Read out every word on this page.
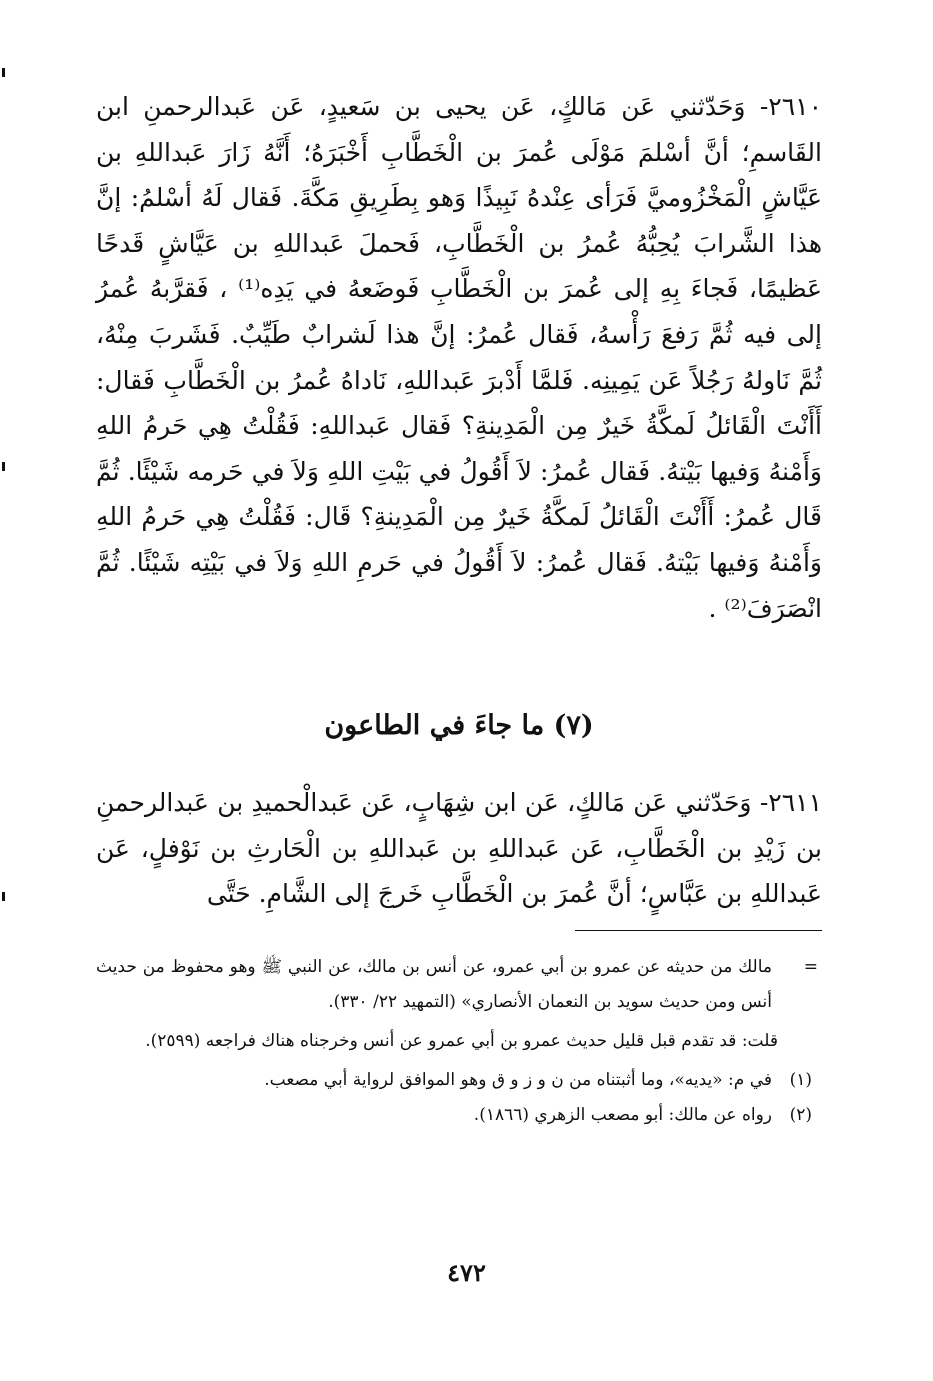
٢٦١٠- وَحَدّثني عَن مَالكٍ، عَن يحيى بن سَعيدٍ، عَن عَبدالرحمنِ ابن القَاسمِ؛ أنَّ أسْلمَ مَوْلَى عُمرَ بن الْخَطَّابِ أَخْبَرَهُ؛ أَنَّهُ زَارَ عَبداللهِ بن عَيَّاشٍ الْمَخْزُوميَّ فَرَأى عِنْدهُ نَبِيذًا وَهو بِطَرِيقِ مَكَّةَ. فَقال لَهُ أسْلمُ: إنَّ هذا الشَّرابَ يُحِبُّهُ عُمرُ بن الْخَطَّابِ، فَحملَ عَبداللهِ بن عَيَّاشٍ قَدحًا عَظيمًا، فَجاءَ بِهِ إلى عُمرَ بن الْخَطَّابِ فَوضَعهُ في يَدِه⁽¹⁾ ، فَقرَّبهُ عُمرُ إلى فيه ثُمَّ رَفعَ رَأْسهُ، فَقال عُمرُ: إنَّ هذا لَشرابٌ طَيِّبٌ. فَشَربَ مِنْهُ، ثُمَّ نَاولهُ رَجُلاً عَن يَمِينِه. فَلمَّا أَدْبرَ عَبداللهِ، نَاداهُ عُمرُ بن الْخَطَّابِ فَقال: أَأَنْتَ الْقَائلُ لَمكَّةُ خَيرٌ مِن الْمَدِينةِ؟ فَقال عَبداللهِ: فَقُلْتُ هِي حَرمُ اللهِ وَأَمْنهُ وَفيها بَيْتهُ. فَقال عُمرُ: لاَ أَقُولُ في بَيْتِ اللهِ وَلاَ في حَرمه شَيْئًا. ثُمَّ قَال عُمرُ: أَأَنْتَ الْقَائلُ لَمكَّةُ خَيرٌ مِن الْمَدِينةِ؟ قَال: فَقُلْتُ هِي حَرمُ اللهِ وَأَمْنهُ وَفيها بَيْتهُ. فَقال عُمرُ: لاَ أَقُولُ في حَرمِ اللهِ وَلاَ في بَيْتِه شَيْئًا. ثُمَّ انْصَرَفَ⁽²⁾ .

(٧) ما جاءَ في الطاعون

٢٦١١- وَحَدّثني عَن مَالكٍ، عَن ابن شِهَابٍ، عَن عَبدالْحميدِ بن عَبدالرحمنِ بن زَيْدِ بن الْخَطَّابِ، عَن عَبداللهِ بن عَبداللهِ بن الْحَارثِ بن نَوْفلٍ، عَن عَبداللهِ بن عَبَّاسٍ؛ أنَّ عُمرَ بن الْخَطَّابِ خَرجَ إلى الشَّامِ. حَتَّى

=
مالك من حديثه عن عمرو بن أبي عمرو، عن أنس بن مالك، عن النبي ﷺ وهو محفوظ من حديث أنس ومن حديث سويد بن النعمان الأنصاري» (التمهيد ٢٢/ ٣٣٠).
قلت: قد تقدم قبل قليل حديث عمرو بن أبي عمرو عن أنس وخرجناه هناك فراجعه (٢٥٩٩).
(١)
في م: «يديه»، وما أثبتناه من ن و ز و ق وهو الموافق لرواية أبي مصعب.
(٢)
رواه عن مالك: أبو مصعب الزهري (١٨٦٦).
٤٧٢
